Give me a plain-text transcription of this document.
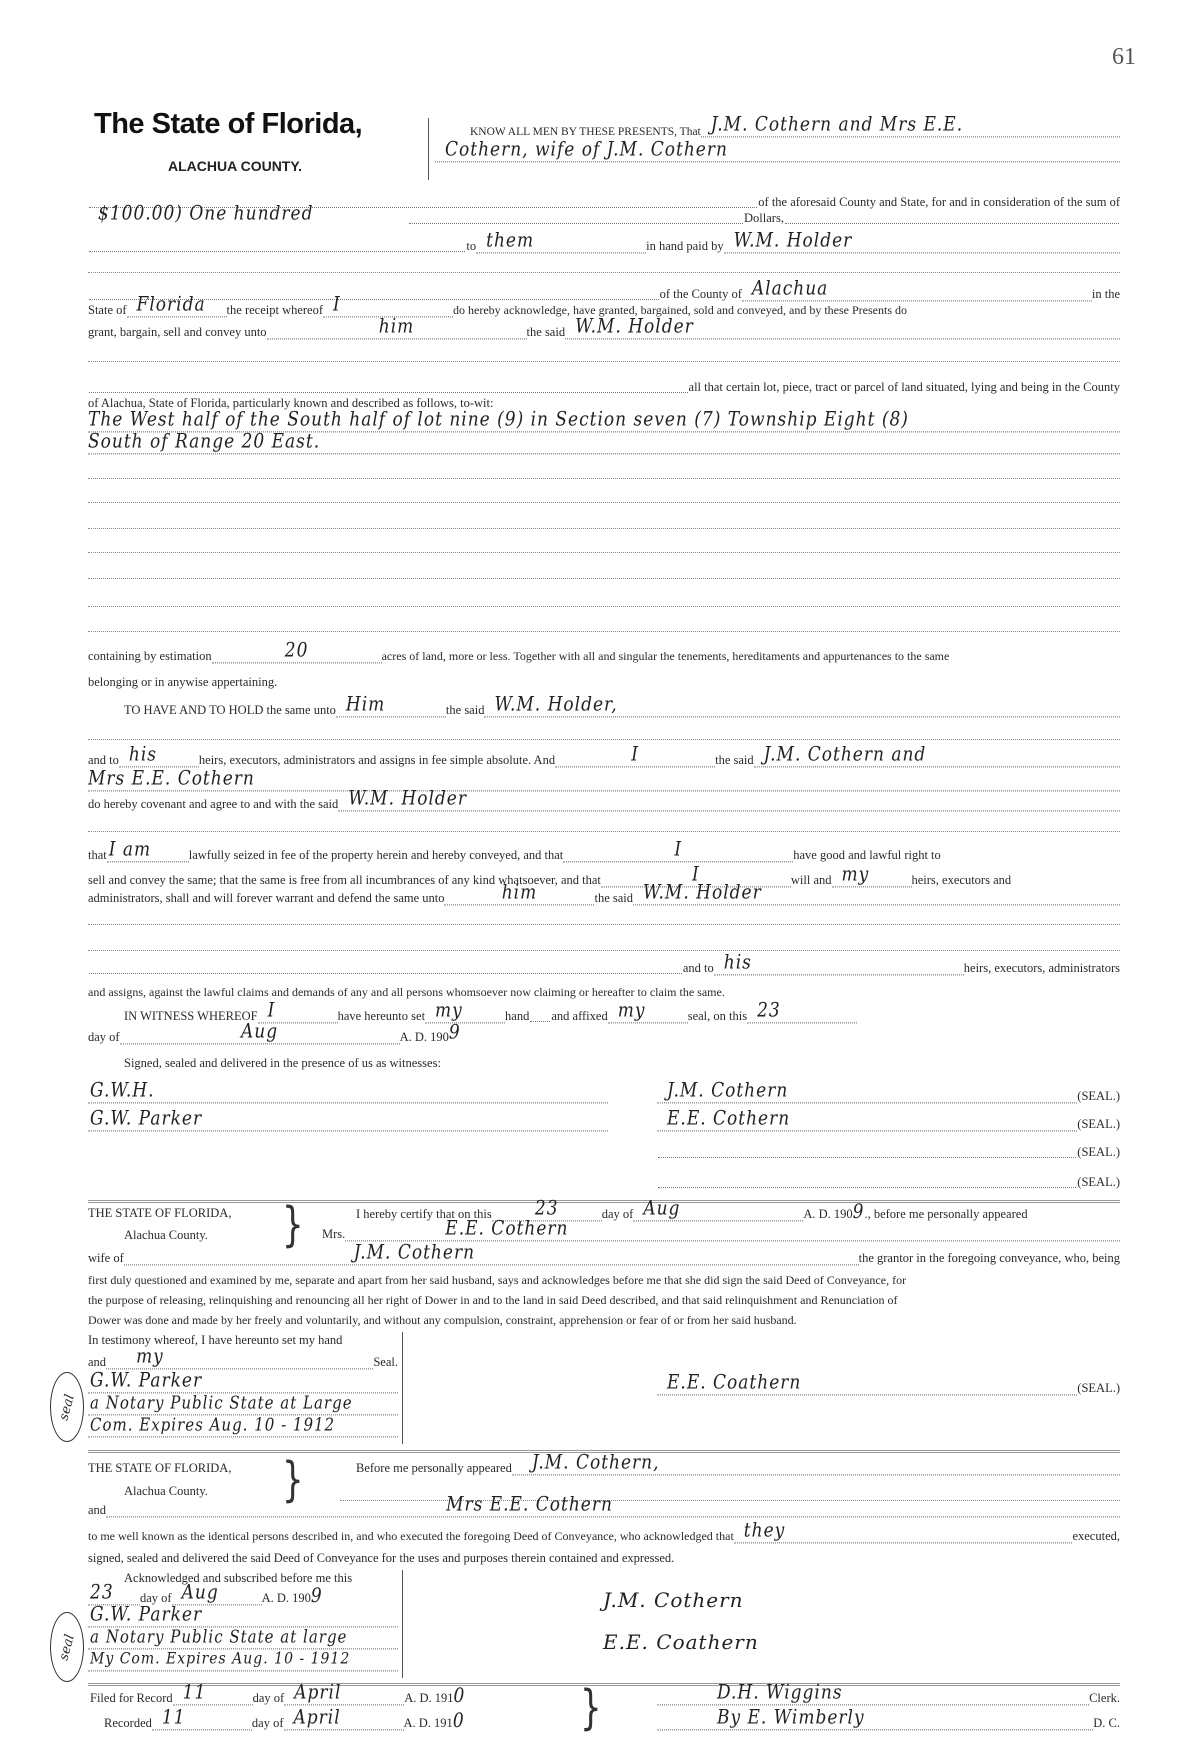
61
The State of Florida,
ALACHUA COUNTY.
KNOW ALL MEN BY THESE PRESENTS, That J.M. Cothern and Mrs E.E.
Cothern, wife of J.M. Cothern
of the aforesaid County and State, for and in consideration of the sum of
$100.00) One hundred	Dollars,
to them	in hand paid by W.M. Holder
of the County of Alachua	in the
State of Florida	the receipt whereof I	do hereby acknowledge, have granted, bargained, sold and conveyed, and by these Presents do
grant, bargain, sell and convey unto	him	the said W.M. Holder
all that certain lot, piece, tract or parcel of land situated, lying and being in the County
of Alachua, State of Florida, particularly known and described as follows, to-wit:
The West half of the South half of lot nine (9) in Section seven (7) Township Eight (8)
South of Range 20 East.
containing by estimation	20	acres of land, more or less. Together with all and singular the tenements, hereditaments and appurtenances to the same
belonging or in anywise appertaining.
TO HAVE AND TO HOLD the same unto Him	the said W.M. Holder,
and to his	heirs, executors, administrators and assigns in fee simple absolute. And	I	the said J.M. Cothern and
Mrs E.E. Cothern
do hereby covenant and agree to and with the said W.M. Holder
that I am	lawfully seized in fee of the property herein and hereby conveyed, and that	I	have good and lawful right to
sell and convey the same; that the same is free from all incumbrances of any kind whatsoever, and that	I	will and my	heirs, executors and
administrators, shall and will forever warrant and defend the same unto	him	the said W.M. Holder
and to his	heirs, executors, administrators
and assigns, against the lawful claims and demands of any and all persons whomsoever now claiming or hereafter to claim the same.
IN WITNESS WHEREOF I	have hereunto set my	hand and affixed my	seal, on this 23
day of	Aug	A. D. 190 9
Signed, sealed and delivered in the presence of us as witnesses:
G.W.H.
G.W. Parker
J.M. Cothern	(SEAL.)
E.E. Cothern	(SEAL.)
(SEAL.)
(SEAL.)
THE STATE OF FLORIDA,
Alachua County. }	I hereby certify that on this	23	day of Aug	A. D. 190 9 ., before me personally appeared
Mrs.	E.E. Cothern
wife of	J.M. Cothern	the grantor in the foregoing conveyance, who, being
first duly questioned and examined by me, separate and apart from her said husband, says and acknowledges before me that she did sign the said Deed of Conveyance, for
the purpose of releasing, relinquishing and renouncing all her right of Dower in and to the land in said Deed described, and that said relinquishment and Renunciation of
Dower was done and made by her freely and voluntarily, and without any compulsion, constraint, apprehension or fear of or from her said husband.
In testimony whereof, I have hereunto set my hand
and	my	Seal.
G.W. Parker
a Notary Public State at Large
Com. Expires Aug. 10 - 1912
seal
E.E. Coathern	(SEAL.)
THE STATE OF FLORIDA,
Alachua County. }	Before me personally appeared	J.M. Cothern,
and	Mrs E.E. Cothern
to me well known as the identical persons described in, and who executed the foregoing Deed of Conveyance, who acknowledged that they	executed,
signed, sealed and delivered the said Deed of Conveyance for the uses and purposes therein contained and expressed.
Acknowledged and subscribed before me this
23	day of Aug	A. D. 190 9
G.W. Parker
a Notary Public State at large
My Com. Expires Aug. 10 - 1912
seal
J.M. Cothern
E.E. Coathern
Filed for Record 11	day of April	A. D. 191 0
Recorded 11	day of April	A. D. 191 0	}	D.H. Wiggins	Clerk.
By E. Wimberly	D. C.
